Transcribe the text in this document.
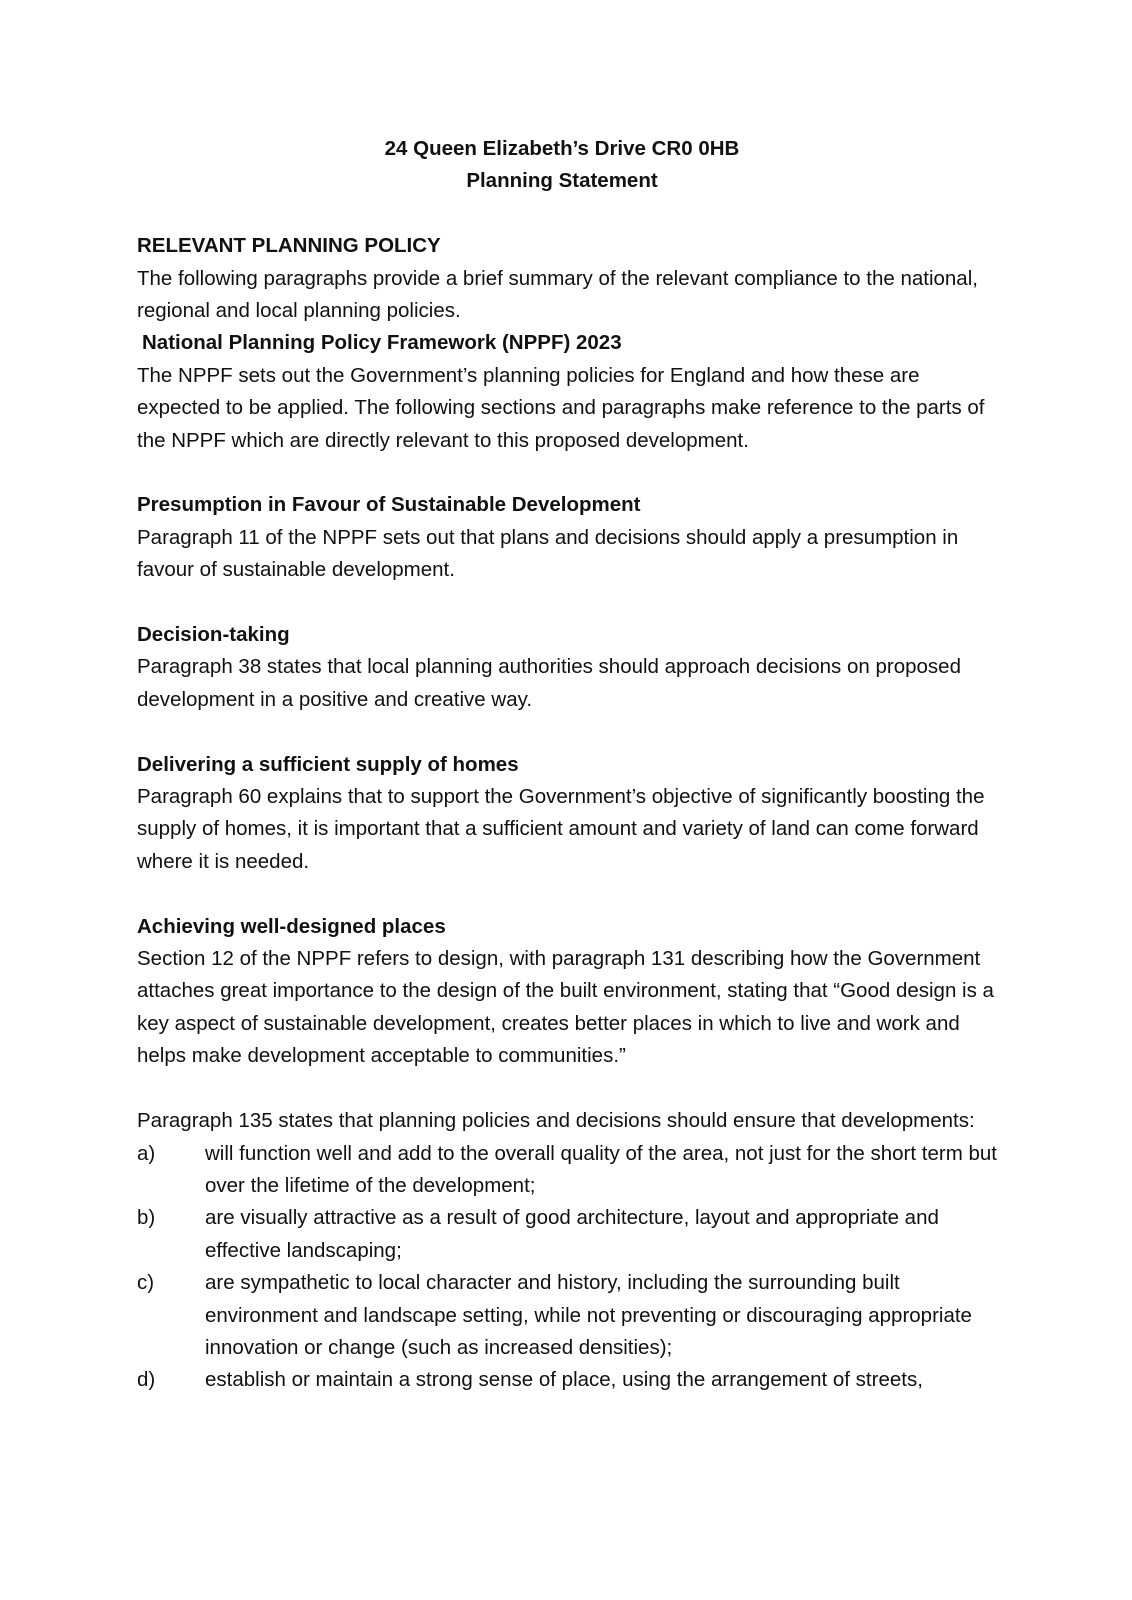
24 Queen Elizabeth’s Drive CR0 0HB

Planning Statement

RELEVANT PLANNING POLICY

The following paragraphs provide a brief summary of the relevant compliance to the national, regional and local planning policies.

National Planning Policy Framework (NPPF) 2023

The NPPF sets out the Government’s planning policies for England and how these are expected to be applied. The following sections and paragraphs make reference to the parts of the NPPF which are directly relevant to this proposed development.

Presumption in Favour of Sustainable Development

Paragraph 11 of the NPPF sets out that plans and decisions should apply a presumption in favour of sustainable development.

Decision-taking

Paragraph 38 states that local planning authorities should approach decisions on proposed development in a positive and creative way.

Delivering a sufficient supply of homes

Paragraph 60 explains that to support the Government’s objective of significantly boosting the supply of homes, it is important that a sufficient amount and variety of land can come forward where it is needed.

Achieving well-designed places

Section 12 of the NPPF refers to design, with paragraph 131 describing how the Government attaches great importance to the design of the built environment, stating that “Good design is a key aspect of sustainable development, creates better places in which to live and work and helps make development acceptable to communities.”

Paragraph 135 states that planning policies and decisions should ensure that developments:

a)	will function well and add to the overall quality of the area, not just for the short term but over the lifetime of the development;
b)	are visually attractive as a result of good architecture, layout and appropriate and effective landscaping;
c)	are sympathetic to local character and history, including the surrounding built environment and landscape setting, while not preventing or discouraging appropriate innovation or change (such as increased densities);
d)	establish or maintain a strong sense of place, using the arrangement of streets,
